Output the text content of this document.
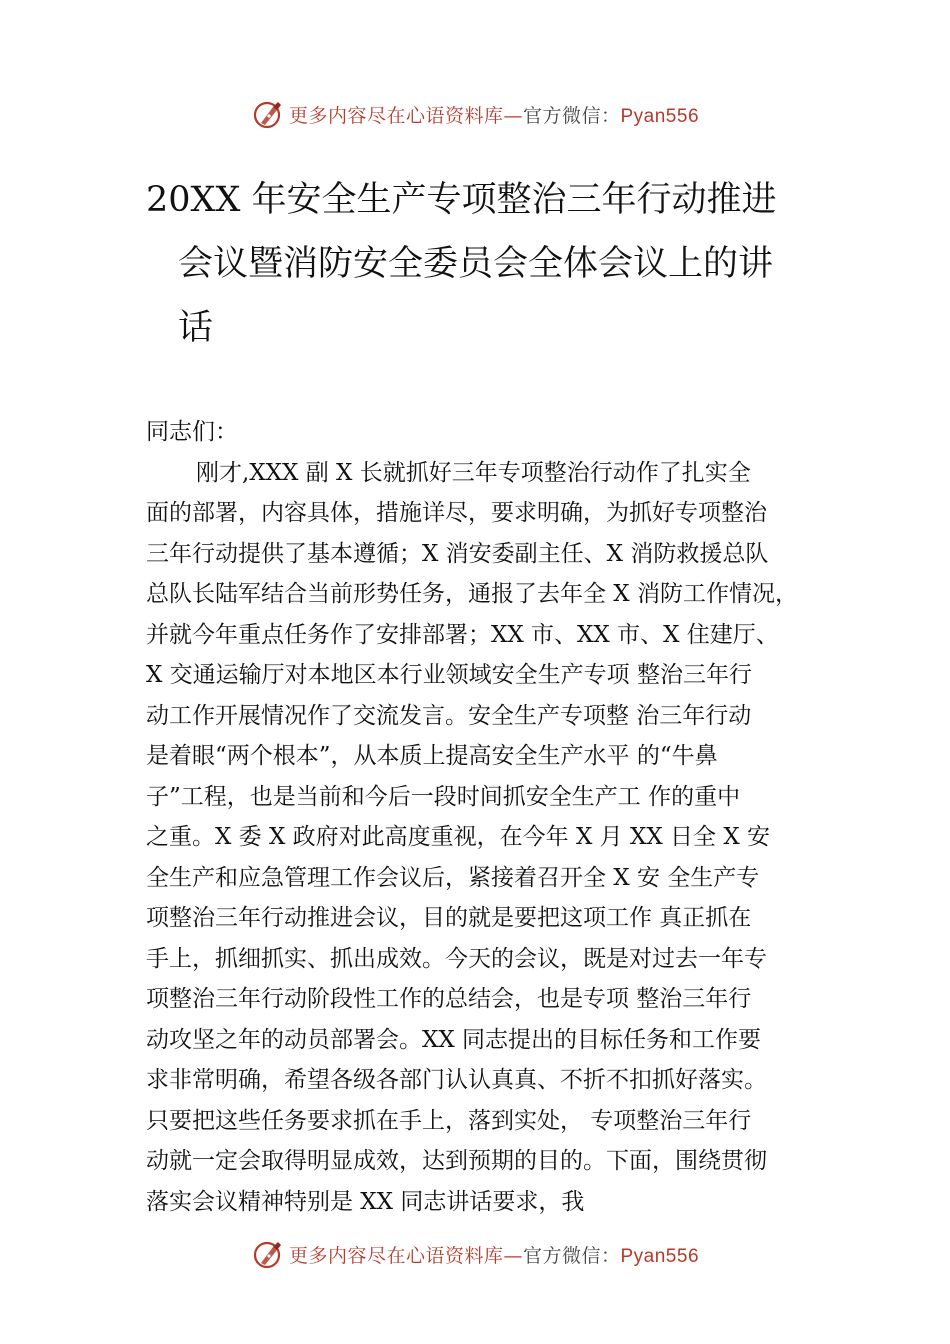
更多内容尽在心语资料库—官方微信：Pyan556
20XX 年安全生产专项整治三年行动推进
会议暨消防安全委员会全体会议上的讲
话
同志们：
刚才,XXX 副 X 长就抓好三年专项整治行动作了扎实全
面的部署，内容具体，措施详尽，要求明确，为抓好专项整治
三年行动提供了基本遵循；X 消安委副主任、X 消防救援总队
总队长陆军结合当前形势任务，通报了去年全 X 消防工作情况，
并就今年重点任务作了安排部署；XX 市、XX 市、X 住建厅、
X 交通运输厅对本地区本行业领域安全生产专项 整治三年行
动工作开展情况作了交流发言。安全生产专项整 治三年行动
是着眼“两个根本”，从本质上提高安全生产水平 的“牛鼻
子”工程，也是当前和今后一段时间抓安全生产工 作的重中
之重。X 委 X 政府对此高度重视，在今年 X 月 XX 日全 X 安
全生产和应急管理工作会议后，紧接着召开全 X 安 全生产专
项整治三年行动推进会议，目的就是要把这项工作 真正抓在
手上，抓细抓实、抓出成效。今天的会议，既是对过去一年专
项整治三年行动阶段性工作的总结会，也是专项 整治三年行
动攻坚之年的动员部署会。XX 同志提出的目标任务和工作要
求非常明确，希望各级各部门认认真真、不折不扣抓好落实。
只要把这些任务要求抓在手上，落到实处， 专项整治三年行
动就一定会取得明显成效，达到预期的目的。下面，围绕贯彻
落实会议精神特别是 XX 同志讲话要求，我
更多内容尽在心语资料库—官方微信：Pyan556
